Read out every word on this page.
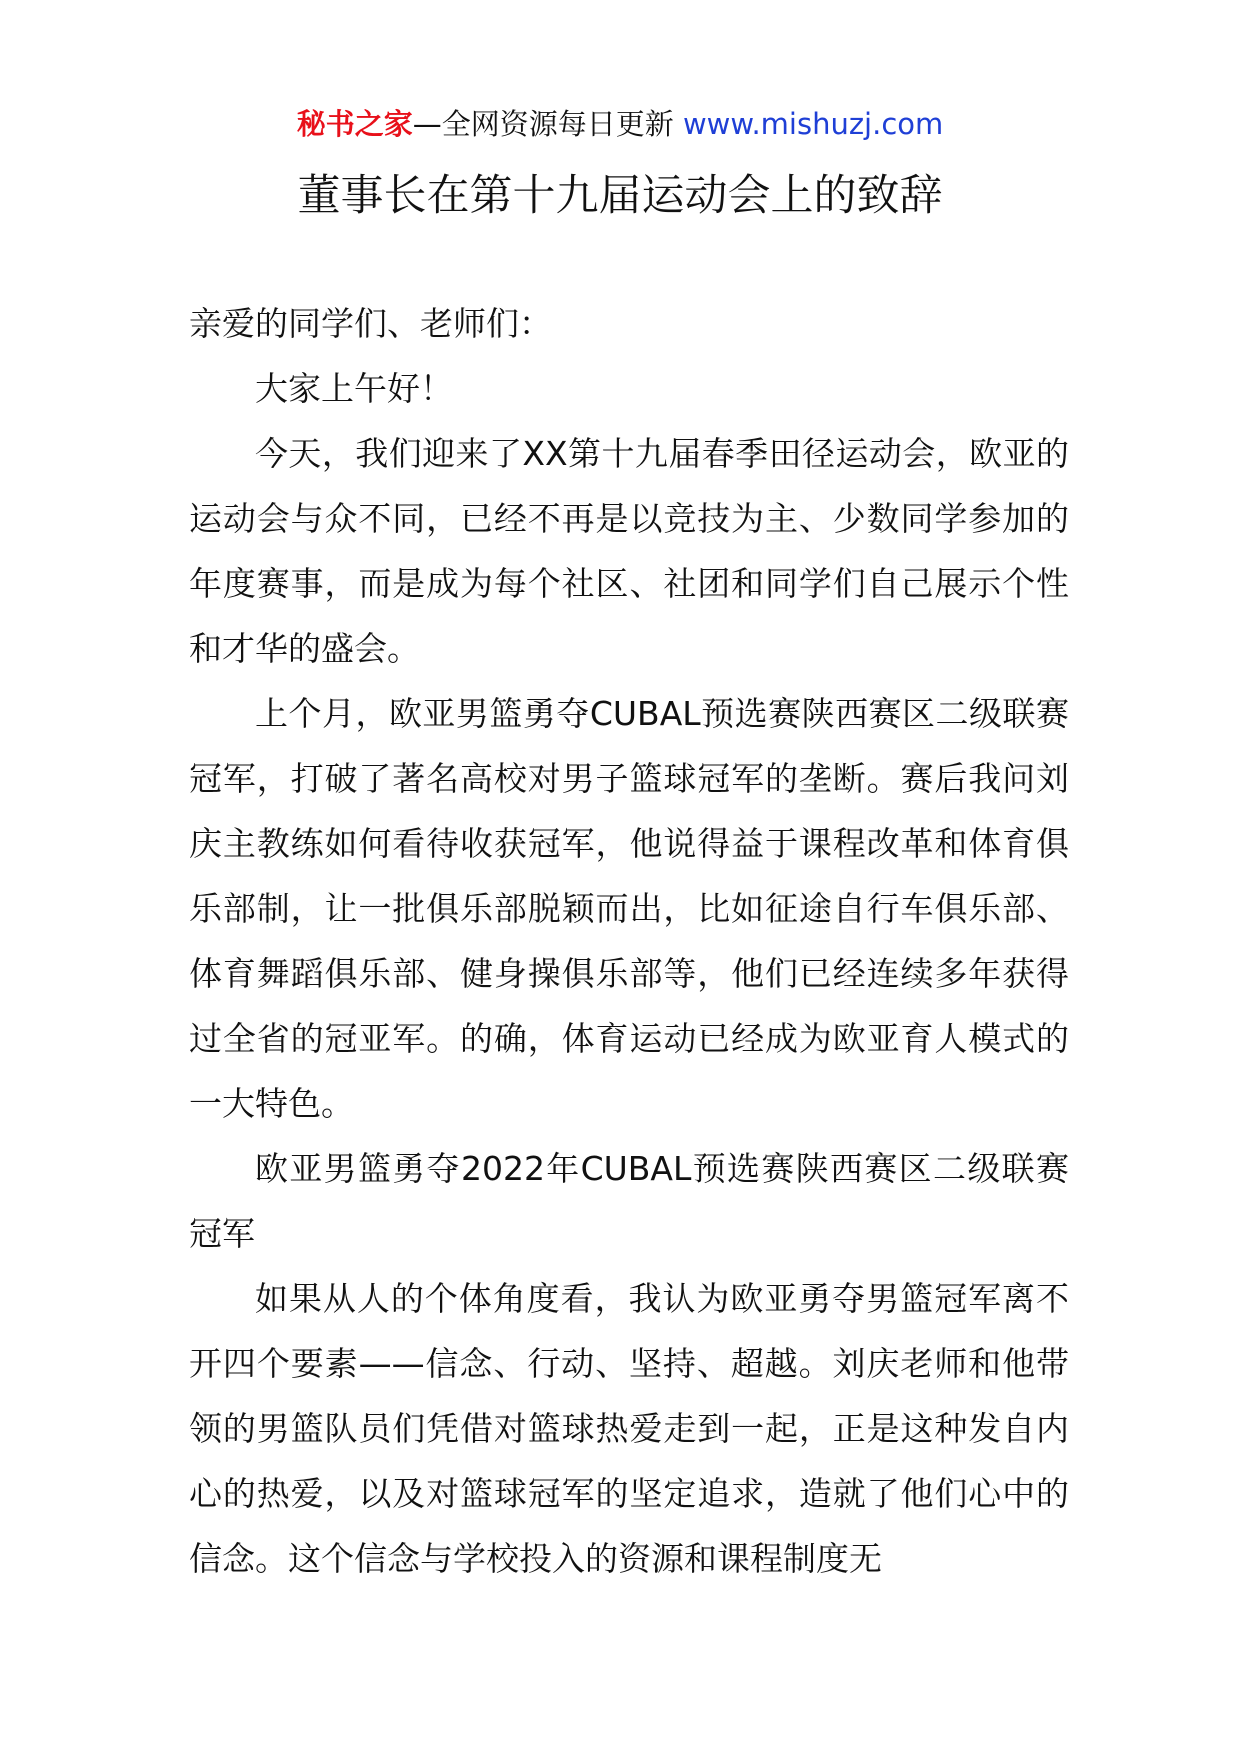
秘书之家—全网资源每日更新 www.mishuzj.com
董事长在第十九届运动会上的致辞

亲爱的同学们、老师们：

大家上午好！

今天，我们迎来了XX第十九届春季田径运动会，欧亚的运动会与众不同，已经不再是以竞技为主、少数同学参加的年度赛事，而是成为每个社区、社团和同学们自己展示个性和才华的盛会。

上个月，欧亚男篮勇夺CUBAL预选赛陕西赛区二级联赛冠军，打破了著名高校对男子篮球冠军的垄断。赛后我问刘庆主教练如何看待收获冠军，他说得益于课程改革和体育俱乐部制，让一批俱乐部脱颖而出，比如征途自行车俱乐部、体育舞蹈俱乐部、健身操俱乐部等，他们已经连续多年获得过全省的冠亚军。的确，体育运动已经成为欧亚育人模式的一大特色。

欧亚男篮勇夺2022年CUBAL预选赛陕西赛区二级联赛冠军

如果从人的个体角度看，我认为欧亚勇夺男篮冠军离不开四个要素——信念、行动、坚持、超越。刘庆老师和他带领的男篮队员们凭借对篮球热爱走到一起，正是这种发自内心的热爱，以及对篮球冠军的坚定追求，造就了他们心中的信念。这个信念与学校投入的资源和课程制度无
